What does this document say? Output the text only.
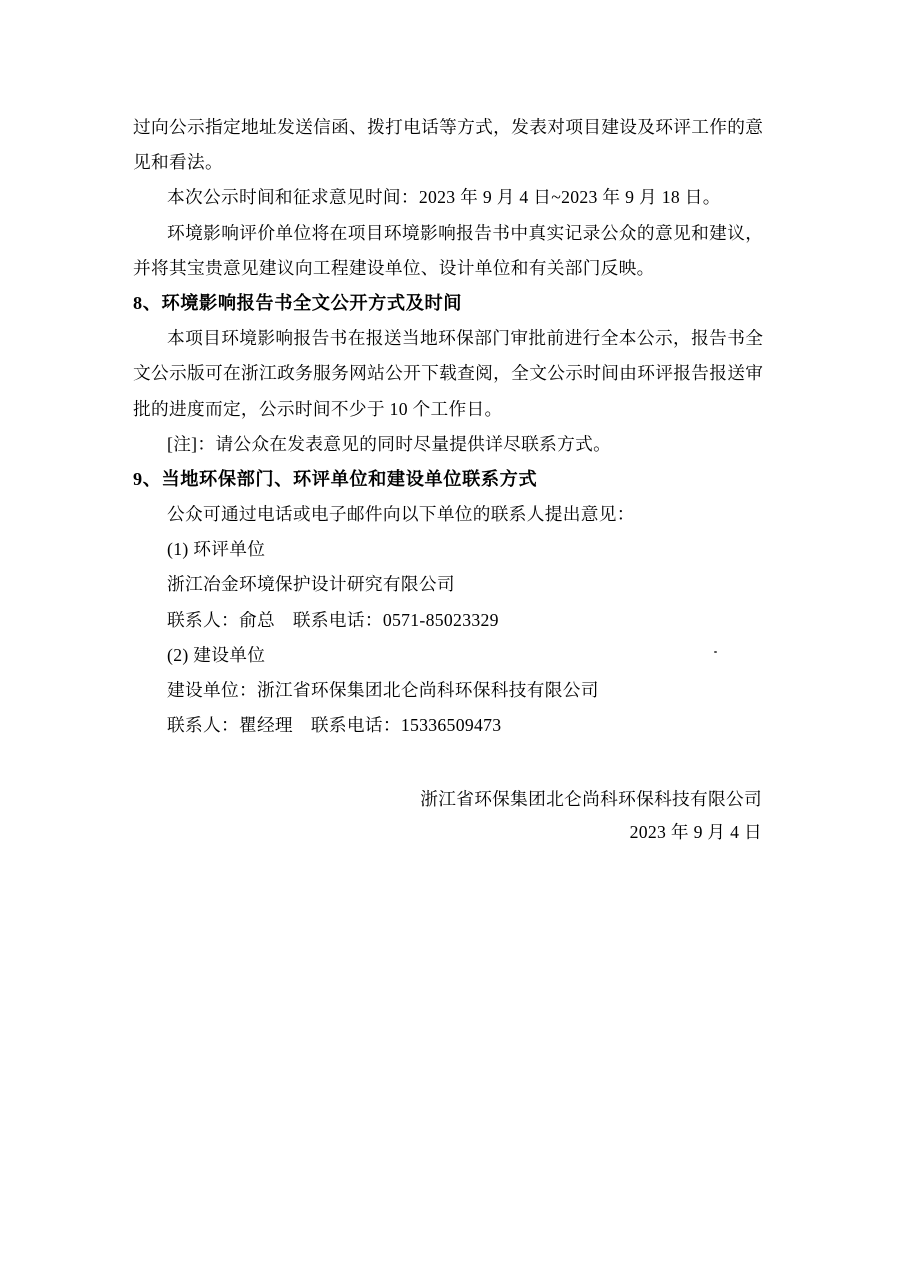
过向公示指定地址发送信函、拨打电话等方式，发表对项目建设及环评工作的意
见和看法。
本次公示时间和征求意见时间：2023 年 9 月 4 日~2023 年 9 月 18 日。
环境影响评价单位将在项目环境影响报告书中真实记录公众的意见和建议，
并将其宝贵意见建议向工程建设单位、设计单位和有关部门反映。
8、环境影响报告书全文公开方式及时间
本项目环境影响报告书在报送当地环保部门审批前进行全本公示，报告书全
文公示版可在浙江政务服务网站公开下载查阅，全文公示时间由环评报告报送审
批的进度而定，公示时间不少于 10 个工作日。
[注]：请公众在发表意见的同时尽量提供详尽联系方式。
9、当地环保部门、环评单位和建设单位联系方式
公众可通过电话或电子邮件向以下单位的联系人提出意见：
(1) 环评单位
浙江冶金环境保护设计研究有限公司
联系人：俞总　联系电话：0571-85023329
(2) 建设单位
建设单位：浙江省环保集团北仑尚科环保科技有限公司
联系人：瞿经理　联系电话：15336509473
浙江省环保集团北仑尚科环保科技有限公司
2023 年 9 月 4 日
